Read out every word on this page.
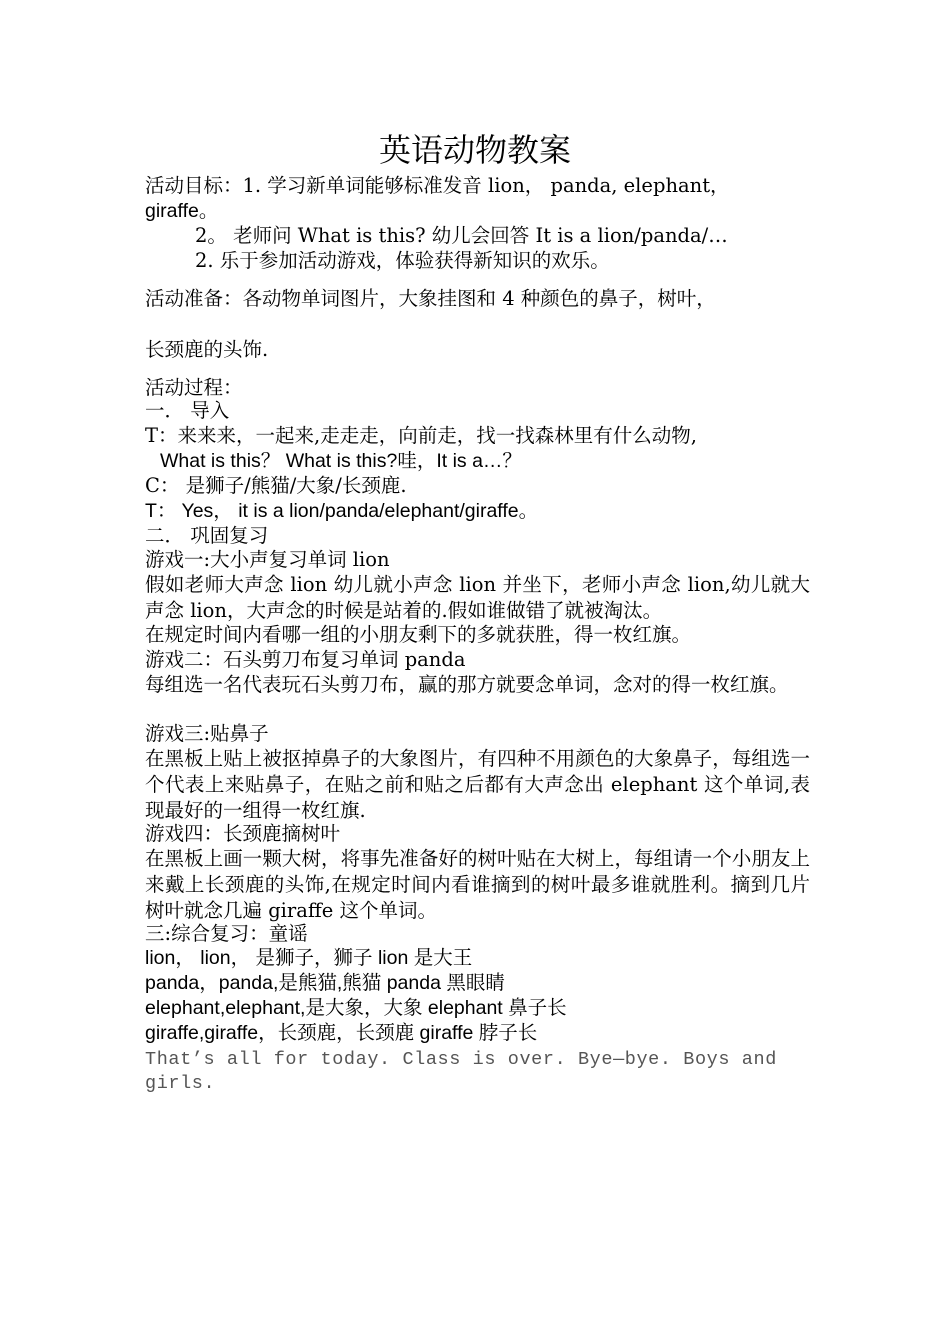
英语动物教案
活动目标：1. 学习新单词能够标准发音 lion， panda, elephant，
giraffe。
2。 老师问 What is this? 幼儿会回答 It is a lion/panda/…
2. 乐于参加活动游戏，体验获得新知识的欢乐。
活动准备：各动物单词图片，大象挂图和 4 种颜色的鼻子，树叶，
长颈鹿的头饰.
活动过程：
一． 导入
T：来来来，一起来,走走走，向前走，找一找森林里有什么动物,
What is this？ What is this?哇，It is a…？
C： 是狮子/熊猫/大象/长颈鹿.
T： Yes， it is a lion/panda/elephant/giraffe。
二． 巩固复习
游戏一:大小声复习单词 lion
假如老师大声念 lion 幼儿就小声念 lion 并坐下，老师小声念 lion,幼儿就大声念 lion，大声念的时候是站着的.假如谁做错了就被淘汰。
在规定时间内看哪一组的小朋友剩下的多就获胜，得一枚红旗。
游戏二：石头剪刀布复习单词 panda
每组选一名代表玩石头剪刀布，赢的那方就要念单词，念对的得一枚红旗。
游戏三:贴鼻子
在黑板上贴上被抠掉鼻子的大象图片，有四种不用颜色的大象鼻子，每组选一个代表上来贴鼻子，在贴之前和贴之后都有大声念出 elephant 这个单词,表现最好的一组得一枚红旗.
游戏四：长颈鹿摘树叶
在黑板上画一颗大树，将事先准备好的树叶贴在大树上，每组请一个小朋友上来戴上长颈鹿的头饰,在规定时间内看谁摘到的树叶最多谁就胜利。摘到几片树叶就念几遍 giraffe 这个单词。
三:综合复习：童谣
lion， lion， 是狮子，狮子 lion 是大王
panda，panda,是熊猫,熊猫 panda 黑眼睛
elephant,elephant,是大象，大象 elephant 鼻子长
giraffe,giraffe，长颈鹿，长颈鹿 giraffe 脖子长
That’s all for today. Class is over. Bye—bye. Boys and
girls.
